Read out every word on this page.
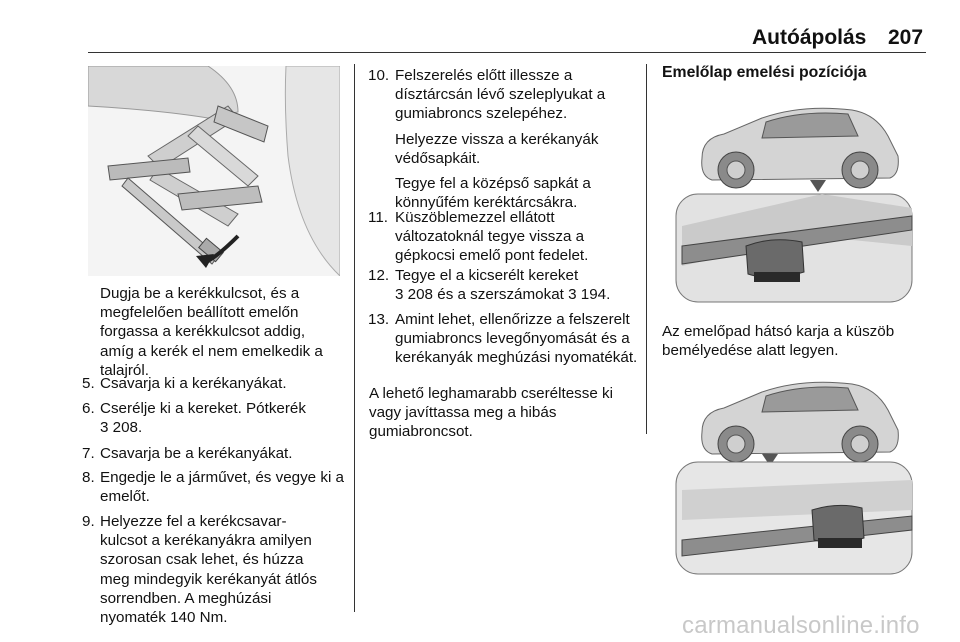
Autóápolás 207
Dugja be a kerékkulcsot, és a megfelelően beállított emelőn forgassa a kerékkulcsot addig, amíg a kerék el nem emelkedik a talajról.
5. Csavarja ki a kerékanyákat.
6. Cserélje ki a kereket. Pótkerék
3 208.
7. Csavarja be a kerékanyákat.
8. Engedje le a járművet, és vegye ki a emelőt.
9. Helyezze fel a kerékcsavar-kulcsot a kerékanyákra amilyen szorosan csak lehet, és húzza meg mindegyik kerékanyát átlós sorrendben. A meghúzási nyomaték 140 Nm.
10. Felszerelés előtt illessze a dísztárcsán lévő szeleplyukat a gumiabroncs szelepéhez.

Helyezze vissza a kerékanyák védősapkáit.

Tegye fel a középső sapkát a könnyűfém keréktárcsákra.

11. Küszöblemezzel ellátott változatoknál tegye vissza a gépkocsi emelő pont fedelet.
12. Tegye el a kicserélt kereket
3 208 és a szerszámokat 3 194.
13. Amint lehet, ellenőrizze a felszerelt gumiabroncs levegőnyomását és a kerékanyák meghúzási nyomatékát.
A lehető leghamarabb cseréltesse ki vagy javíttassa meg a hibás gumiabroncsot.
Emelőlap emelési pozíciója
Az emelőpad hátsó karja a küszöb bemélyedése alatt legyen.
carmanualsonline.info
